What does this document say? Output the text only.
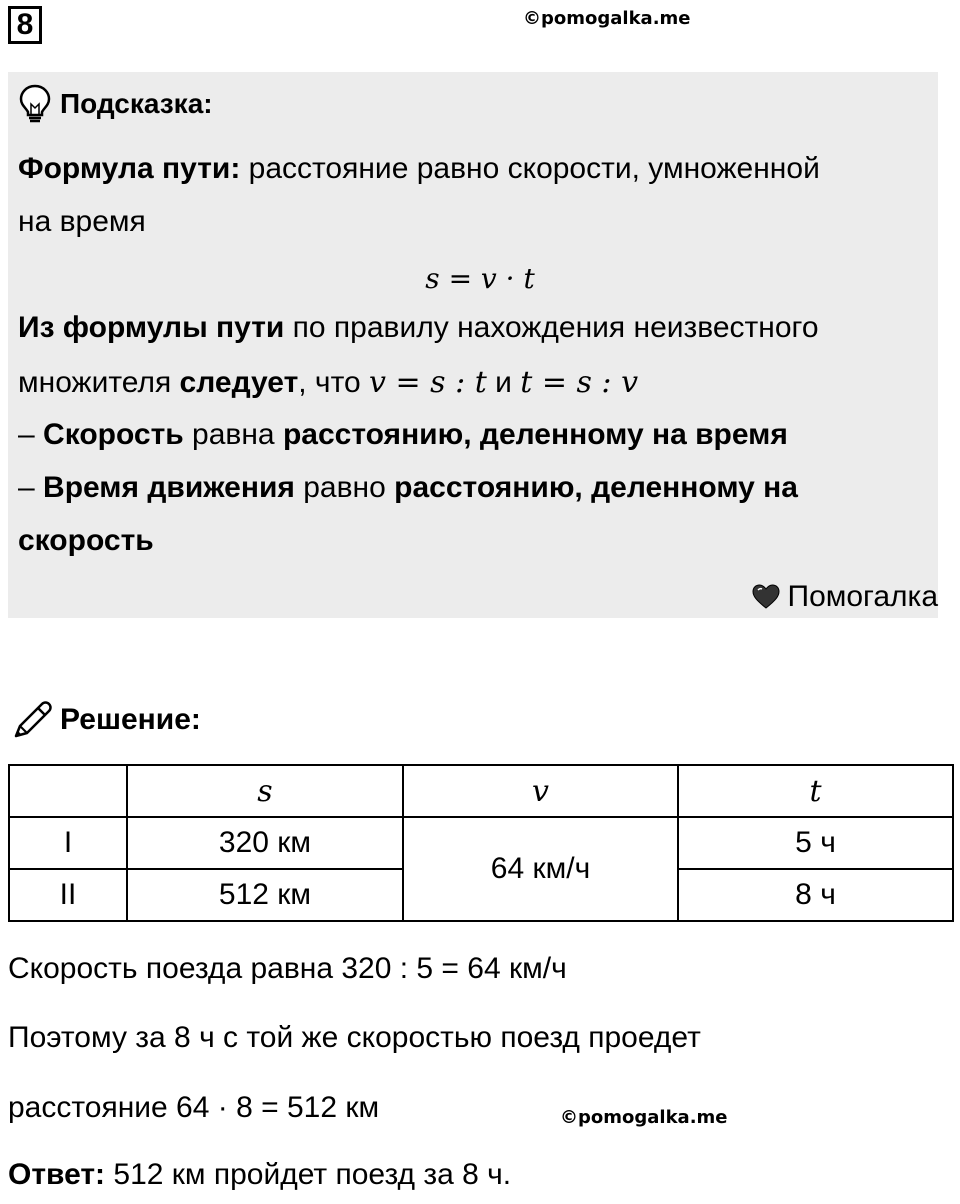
8	©pomogalka.me
Подсказка:
Формула пути: расстояние равно скорости, умноженной
на время
s = v · t
Из формулы пути по правилу нахождения неизвестного
множителя следует, что v = s : t и t = s : v
– Скорость равна расстоянию, деленному на время
– Время движения равно расстоянию, деленному на
скорость
Помогалка
Решение:
	s	v	t
I	320 км	64 км/ч	5 ч
II	512 км		8 ч
Скорость поезда равна 320 : 5 = 64 км/ч
Поэтому за 8 ч с той же скоростью поезд проедет
расстояние 64 · 8 = 512 км	©pomogalka.me
Ответ: 512 км пройдет поезд за 8 ч.
